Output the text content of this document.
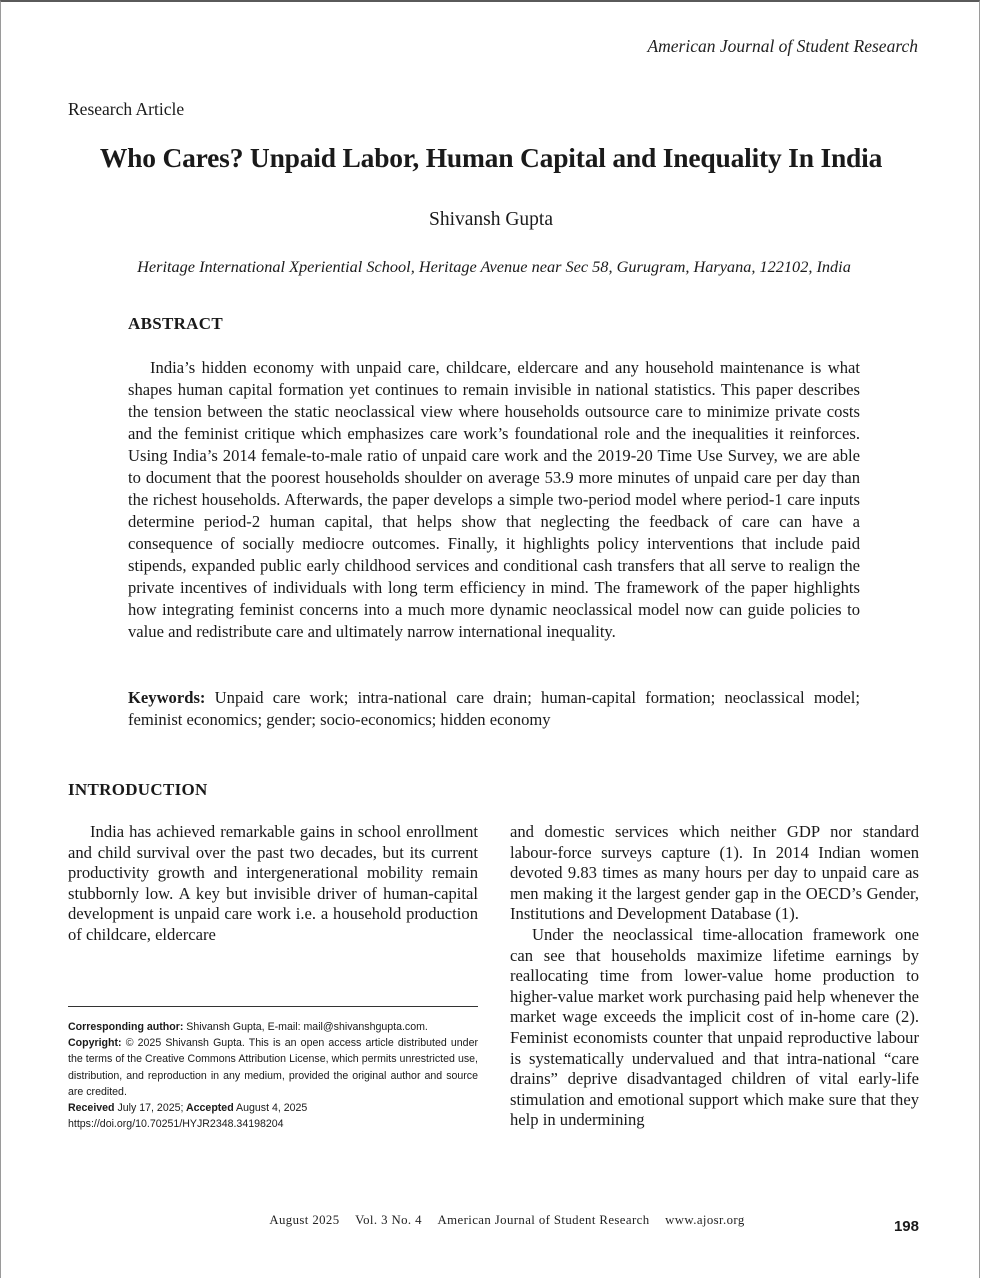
American Journal of Student Research
Research Article
Who Cares? Unpaid Labor, Human Capital and Inequality In India
Shivansh Gupta
Heritage International Xperiential School, Heritage Avenue near Sec 58, Gurugram, Haryana, 122102, India
ABSTRACT

India’s hidden economy with unpaid care, childcare, eldercare and any household maintenance is what shapes human capital formation yet continues to remain invisible in national statistics. This paper describes the tension between the static neoclassical view where households outsource care to minimize private costs and the feminist critique which emphasizes care work’s foundational role and the inequalities it reinforces. Using India’s 2014 female-to-male ratio of unpaid care work and the 2019-20 Time Use Survey, we are able to document that the poorest households shoulder on average 53.9 more minutes of unpaid care per day than the richest households. Afterwards, the paper develops a simple two-period model where period-1 care inputs determine period-2 human capital, that helps show that neglecting the feedback of care can have a consequence of socially mediocre outcomes. Finally, it highlights policy interventions that include paid stipends, expanded public early childhood services and conditional cash transfers that all serve to realign the private incentives of individuals with long term efficiency in mind. The framework of the paper highlights how integrating feminist concerns into a much more dynamic neoclassical model now can guide policies to value and redistribute care and ultimately narrow international inequality.

Keywords: Unpaid care work; intra-national care drain; human-capital formation; neoclassical model; feminist economics; gender; socio-economics; hidden economy

INTRODUCTION

India has achieved remarkable gains in school enrollment and child survival over the past two decades, but its current productivity growth and intergenerational mobility remain stubbornly low. A key but invisible driver of human-capital development is unpaid care work i.e. a household production of childcare, eldercare

and domestic services which neither GDP nor standard labour-force surveys capture (1). In 2014 Indian women devoted 9.83 times as many hours per day to unpaid care as men making it the largest gender gap in the OECD’s Gender, Institutions and Development Database (1).

Under the neoclassical time-allocation framework one can see that households maximize lifetime earnings by reallocating time from lower-value home production to higher-value market work purchasing paid help whenever the market wage exceeds the implicit cost of in-home care (2). Feminist economists counter that unpaid reproductive labour is systematically undervalued and that intra-national “care drains” deprive disadvantaged children of vital early-life stimulation and emotional support which make sure that they help in undermining

Corresponding author: Shivansh Gupta, E-mail: mail@shivanshgupta.com.
Copyright: © 2025 Shivansh Gupta. This is an open access article distributed under the terms of the Creative Commons Attribution License, which permits unrestricted use, distribution, and reproduction in any medium, provided the original author and source are credited.
Received July 17, 2025; Accepted August 4, 2025
https://doi.org/10.70251/HYJR2348.34198204
August 2025 Vol. 3 No. 4 American Journal of Student Research www.ajosr.org	198
